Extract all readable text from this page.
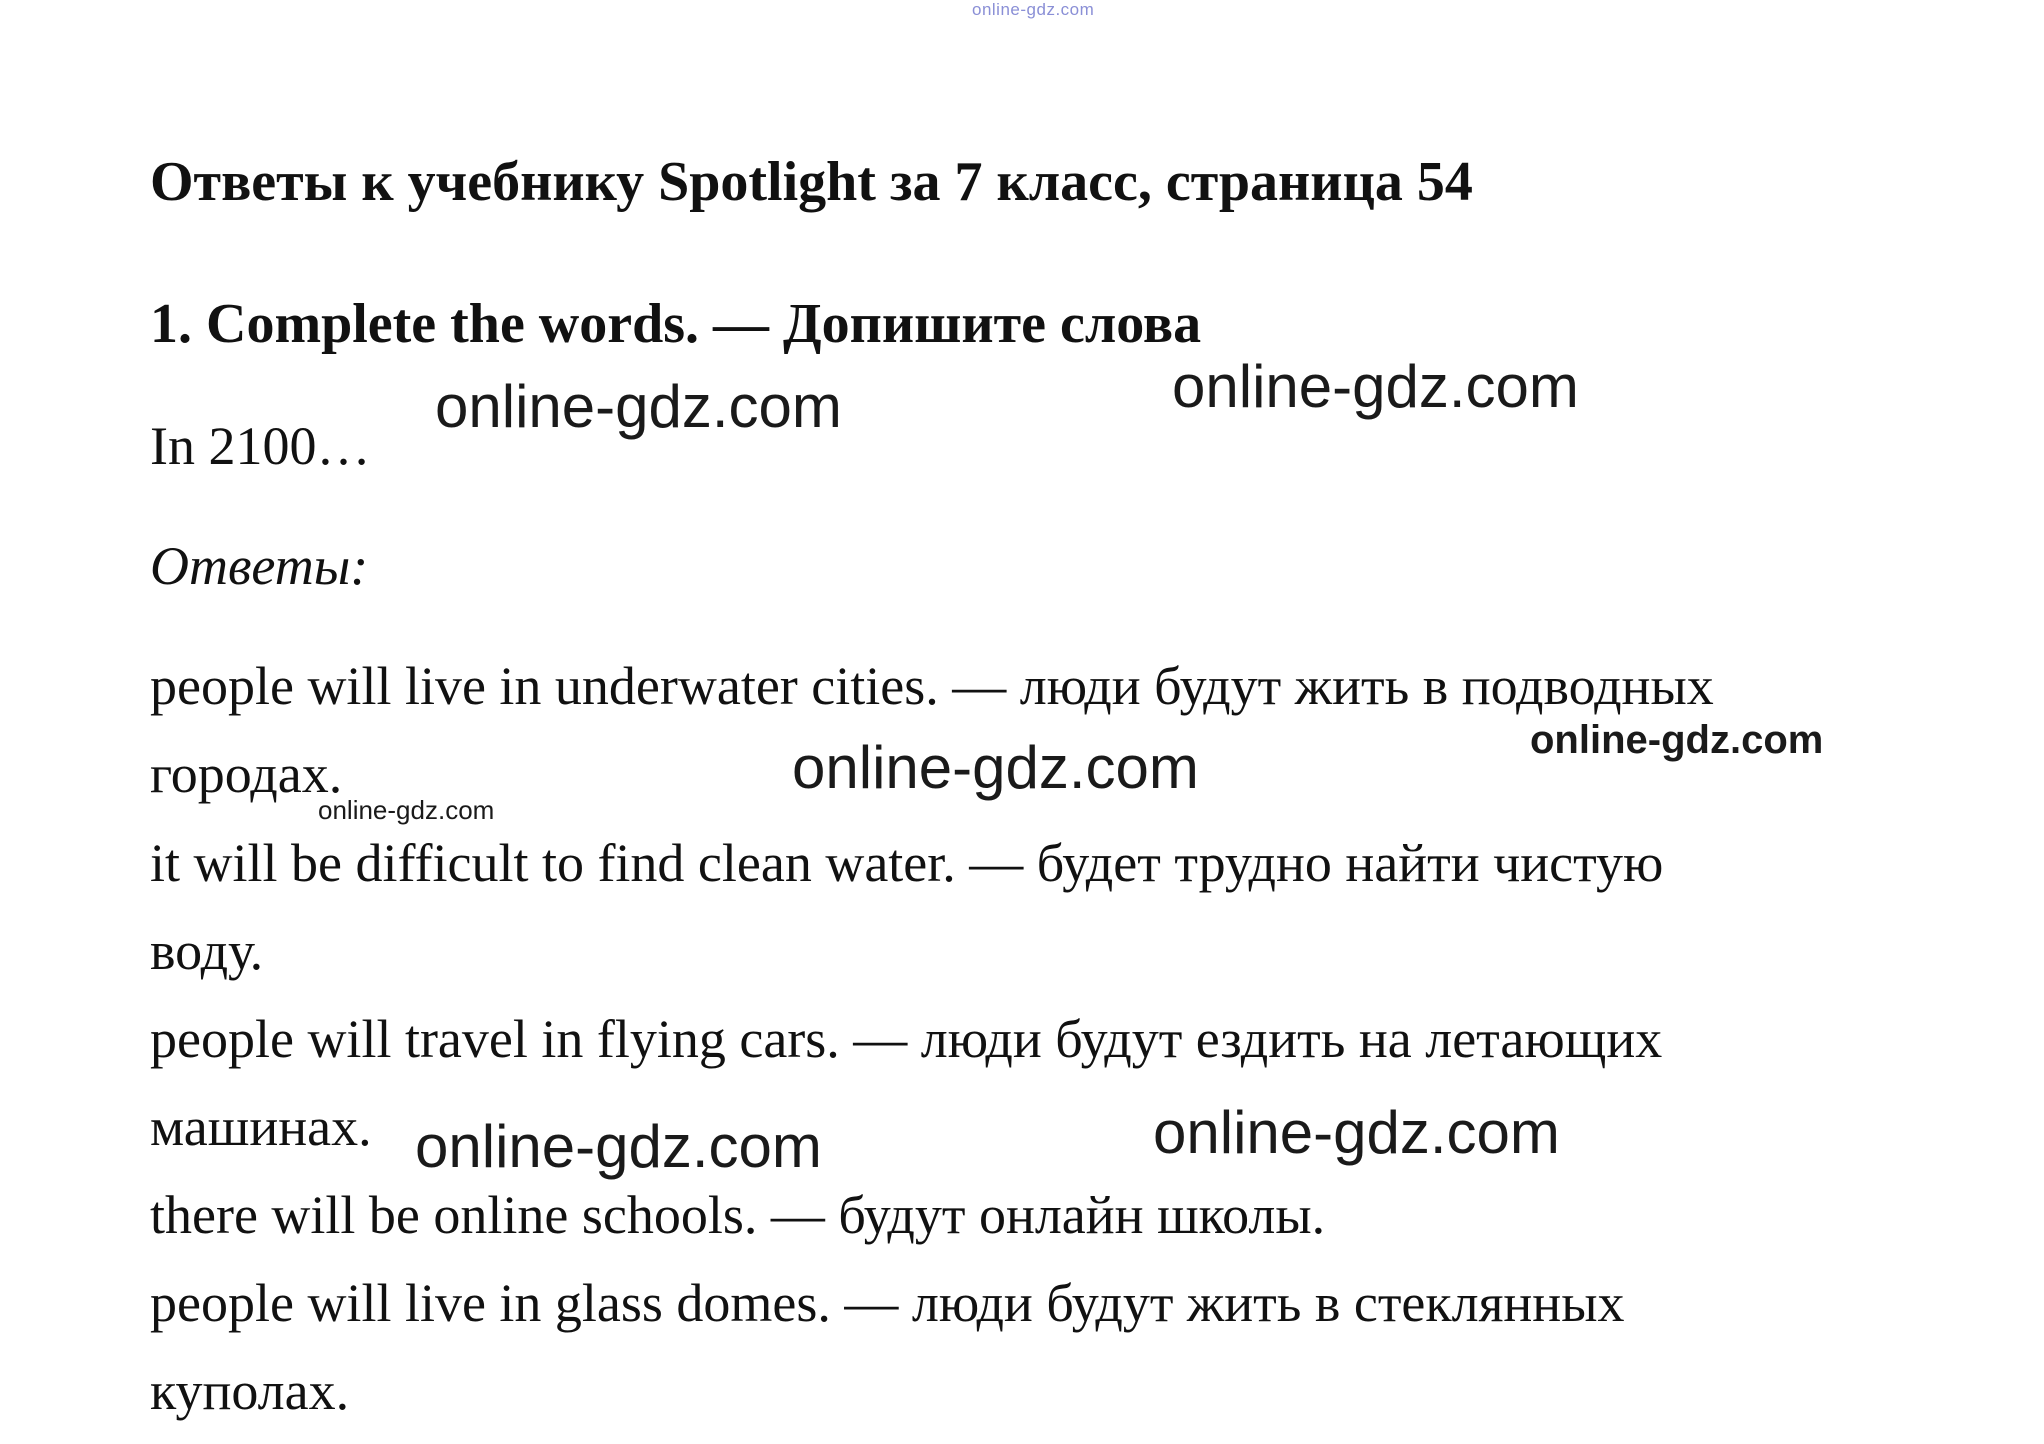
online-gdz.com
Ответы к учебнику Spotlight за 7 класс, страница 54
1. Complete the words. — Допишите слова
In 2100…
Ответы:
people will live in underwater cities. — люди будут жить в подводных
городах.
it will be difficult to find clean water. — будет трудно найти чистую
воду.
people will travel in flying cars. — люди будут ездить на летающих
машинах.
there will be online schools. — будут онлайн школы.
people will live in glass domes. — люди будут жить в стеклянных
куполах.
online-gdz.com	online-gdz.com
online-gdz.com	online-gdz.com
online-gdz.com
online-gdz.com	online-gdz.com
